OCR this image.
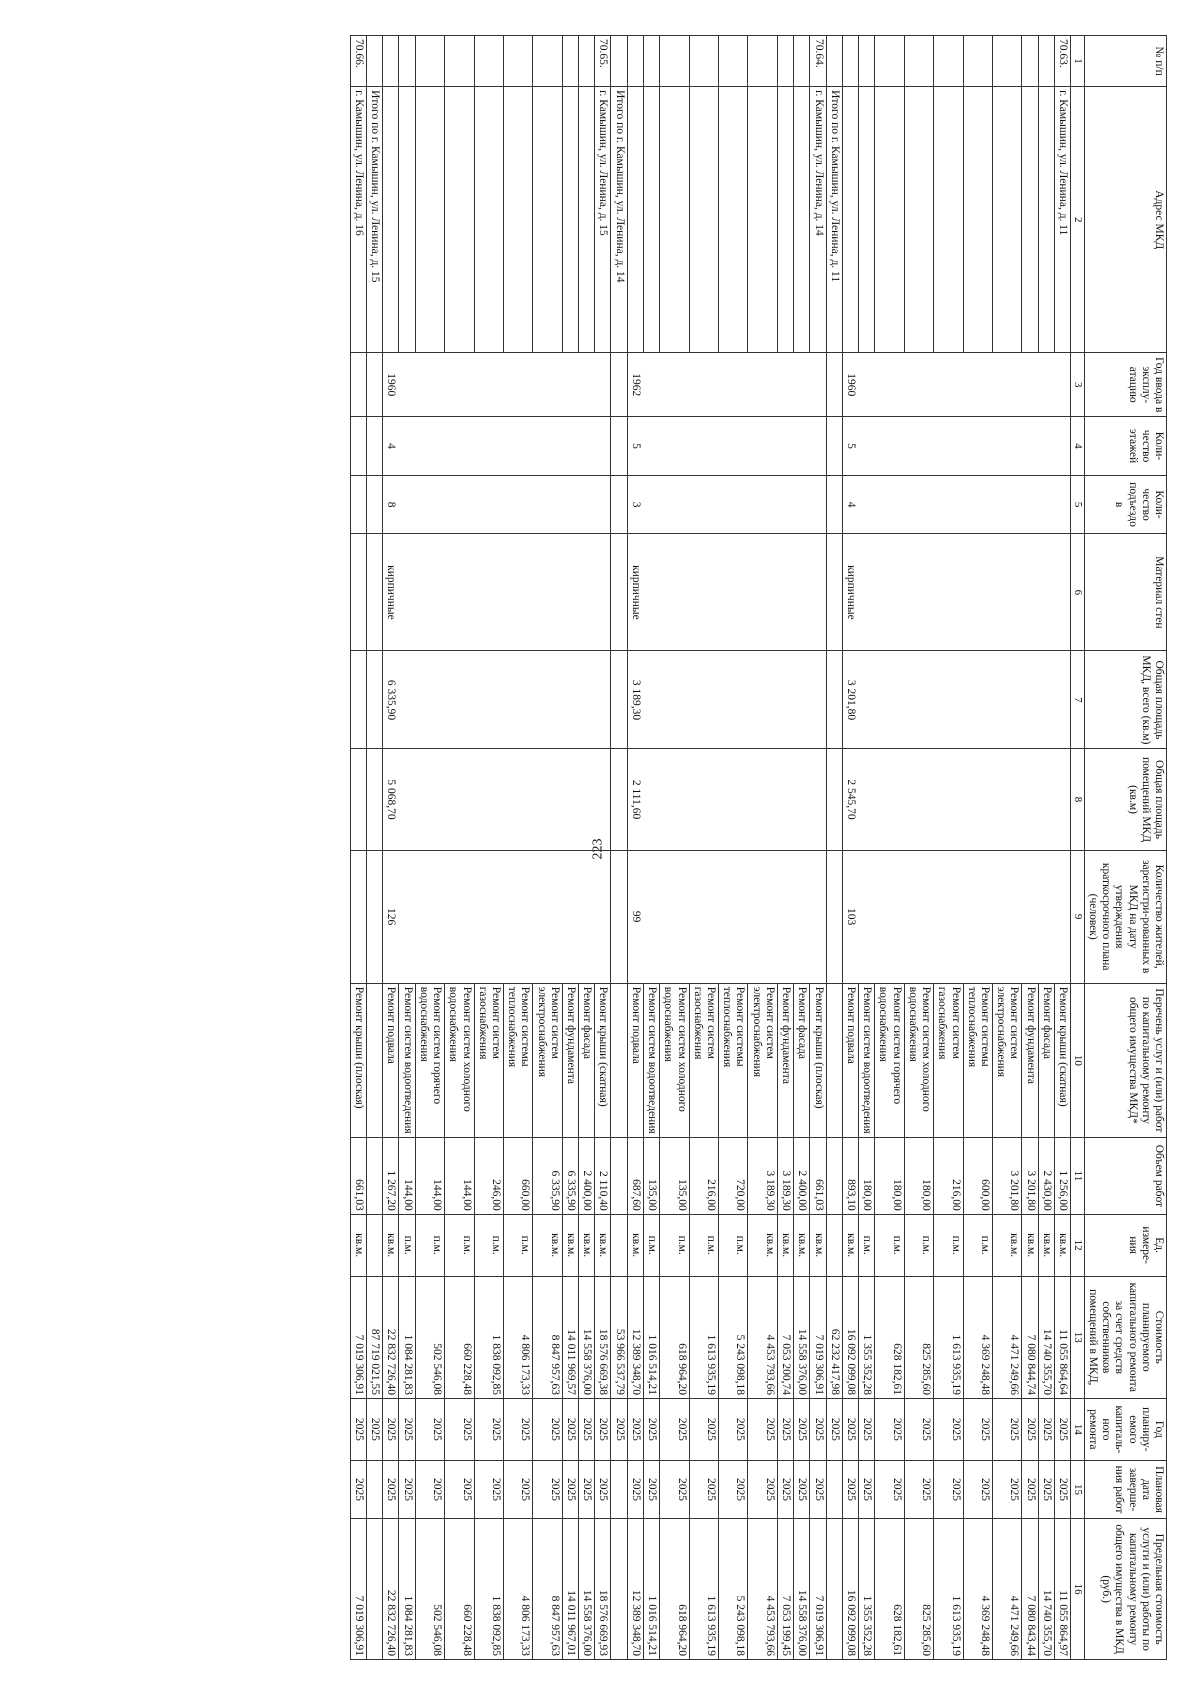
223
№ п/п	Адрес МКД	Год ввода в эксплу-атацию	Коли-чество этажей	Коли-чество подъездо в	Материал стен	Общая площадь МКД, всего (кв.м)	Общая площадь помещений МКД (кв.м)	Количество жителей, зарегистри-рованных в МКД на дату утверждения краткосрочного плана (человек)	Перечень услуг и (или) работ по капитальному ремонту общего имущества МКД*	Объем работ	Ед. измере-ния	Стоимость планируемого капитального ремонта за счет средств собственников помещений в МКД,	Год планиру-емого капиталь-ного ремонта	Плановая дата заверше-ния работ	Предельная стоимость услуги и (или) работы по капитальному ремонту общего имущества в МКД (руб.)
1	2	3	4	5	6	7	8	9	10	11	12	13	14	15	16
70.63.	г. Камышин, ул. Ленина, д. 11	1960	5	4	кирпичные	3 201,80	2 545,70	103	Ремонт крыши (скатная)	1 256,00	кв.м.	11 055 864,64	2025	2025	11 055 864,97
									Ремонт фасада	2 430,00	кв.м.	14 740 355,70	2025	2025	14 740 355,70
									Ремонт фундамента	3 201,80	кв.м.	7 080 844,74	2025	2025	7 080 843,44
									Ремонт систем электроснабжения	3 201,80	кв.м.	4 471 249,66	2025	2025	4 471 249,66
									Ремонт системы теплоснабжения	600,00	п.м.	4 369 248,48	2025	2025	4 369 248,48
									Ремонт систем газоснабжения	216,00	п.м.	1 613 935,19	2025	2025	1 613 935,19
									Ремонт систем холодного водоснабжения	180,00	п.м.	825 285,60	2025	2025	825 285,60
									Ремонт систем горячего водоснабжения	180,00	п.м.	628 182,61	2025	2025	628 182,61
									Ремонт систем водоотведения	180,00	п.м.	1 355 352,28	2025	2025	1 355 352,28
									Ремонт подвала	893,10	кв.м.	16 092 099,08	2025	2025	16 092 099,08
	Итого по г. Камышин, ул. Ленина, д. 11											62 232 417,98	2025		
70.64.	г. Камышин, ул. Ленина, д. 14	1962	5	3	кирпичные	3 189,30	2 111,60	99	Ремонт крыши (плоская)	661,03	кв.м.	7 019 306,91	2025	2025	7 019 306,91
									Ремонт фасада	2 400,00	кв.м.	14 558 376,00	2025	2025	14 558 376,00
									Ремонт фундамента	3 189,30	кв.м.	7 053 200,74	2025	2025	7 053 199,45
									Ремонт систем электроснабжения	3 189,30	кв.м.	4 453 793,66	2025	2025	4 453 793,66
									Ремонт системы теплоснабжения	720,00	п.м.	5 243 098,18	2025	2025	5 243 098,18
									Ремонт систем газоснабжения	216,00	п.м.	1 613 935,19	2025	2025	1 613 935,19
									Ремонт систем холодного водоснабжения	135,00	п.м.	618 964,20	2025	2025	618 964,20
									Ремонт систем водоотведения	135,00	п.м.	1 016 514,21	2025	2025	1 016 514,21
									Ремонт подвала	687,60	кв.м.	12 389 348,70	2025	2025	12 389 348,70
	Итого по г. Камышин, ул. Ленина, д. 14											53 966 537,79	2025		
70.65.	г. Камышин, ул. Ленина, д. 15	1960	4	8	кирпичные	6 335,90	5 068,70	126	Ремонт крыши (скатная)	2 110,40	кв.м.	18 576 669,38	2025	2025	18 576 669,93
									Ремонт фасада	2 400,00	кв.м.	14 558 376,00	2025	2025	14 558 376,00
									Ремонт фундамента	6 335,90	кв.м.	14 011 969,57	2025	2025	14 011 967,01
									Ремонт систем электроснабжения	6 335,90	кв.м.	8 847 957,63	2025	2025	8 847 957,63
									Ремонт системы теплоснабжения	660,00	п.м.	4 806 173,33	2025	2025	4 806 173,33
									Ремонт систем газоснабжения	246,00	п.м.	1 838 092,85	2025	2025	1 838 092,85
									Ремонт систем холодного водоснабжения	144,00	п.м.	660 228,48	2025	2025	660 228,48
									Ремонт систем горячего водоснабжения	144,00	п.м.	502 546,08	2025	2025	502 546,08
									Ремонт систем водоотведения	144,00	п.м.	1 084 281,83	2025	2025	1 084 281,83
									Ремонт подвала	1 267,20	кв.м.	22 832 726,40	2025	2025	22 832 726,40
	Итого по г. Камышин, ул. Ленина, д. 15											87 719 021,55	2025		
70.66.	г. Камышин, ул. Ленина, д. 16								Ремонт крыши (плоская)	661,03	кв.м.	7 019 306,91	2025	2025	7 019 306,91
